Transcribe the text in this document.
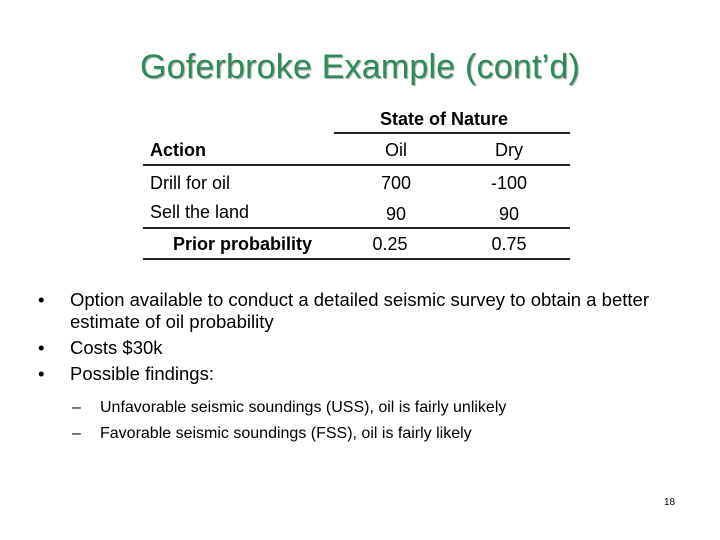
Goferbroke Example (cont’d)
State of Nature
Action	Oil	Dry
Drill for oil	700	-100
Sell the land	90	90
Prior probability	0.25	0.75
• Option available to conduct a detailed seismic survey to obtain a better estimate of oil probability
• Costs $30k
• Possible findings:
– Unfavorable seismic soundings (USS), oil is fairly unlikely
– Favorable seismic soundings (FSS), oil is fairly likely
18
